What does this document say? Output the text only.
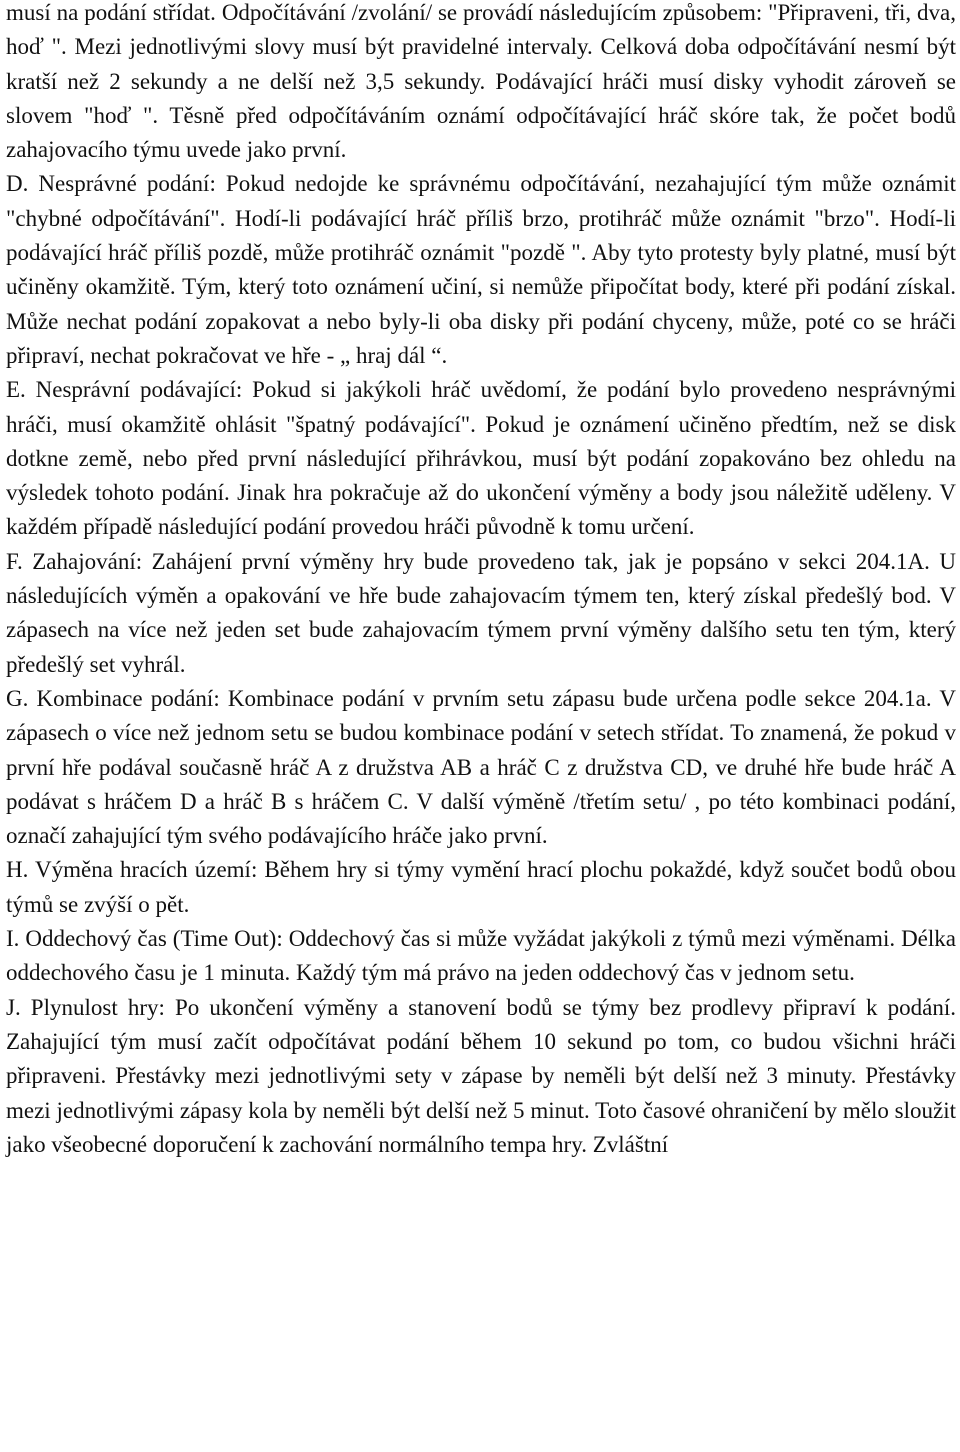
musí na podání střídat. Odpočítávání /zvolání/ se provádí následujícím způsobem: "Připraveni, tři, dva, hoď ". Mezi jednotlivými slovy musí být pravidelné intervaly. Celková doba odpočítávání nesmí být kratší než 2 sekundy a ne delší než 3,5 sekundy. Podávající hráči musí disky vyhodit zároveň se slovem "hoď ". Těsně před odpočítáváním oznámí odpočítávající hráč skóre tak, že počet bodů zahajovacího týmu uvede jako první.

D. Nesprávné podání: Pokud nedojde ke správnému odpočítávání, nezahajující tým může oznámit "chybné odpočítávání". Hodí-li podávající hráč příliš brzo, protihráč může oznámit "brzo". Hodí-li podávající hráč příliš pozdě, může protihráč oznámit "pozdě ". Aby tyto protesty byly platné, musí být učiněny okamžitě. Tým, který toto oznámení učiní, si nemůže připočítat body, které při podání získal. Může nechat podání zopakovat a nebo byly-li oba disky při podání chyceny, může, poté co se hráči připraví, nechat pokračovat ve hře - „ hraj dál “.

E. Nesprávní podávající: Pokud si jakýkoli hráč uvědomí, že podání bylo provedeno nesprávnými hráči, musí okamžitě ohlásit "špatný podávající". Pokud je oznámení učiněno předtím, než se disk dotkne země, nebo před první následující přihrávkou, musí být podání zopakováno bez ohledu na výsledek tohoto podání. Jinak hra pokračuje až do ukončení výměny a body jsou náležitě uděleny. V každém případě následující podání provedou hráči původně k tomu určení.

F. Zahajování: Zahájení první výměny hry bude provedeno tak, jak je popsáno v sekci 204.1A. U následujících výměn a opakování ve hře bude zahajovacím týmem ten, který získal předešlý bod. V zápasech na více než jeden set bude zahajovacím týmem první výměny dalšího setu ten tým, který předešlý set vyhrál.

G. Kombinace podání: Kombinace podání v prvním setu zápasu bude určena podle sekce 204.1a. V zápasech o více než jednom setu se budou kombinace podání v setech střídat. To znamená, že pokud v první hře podával současně hráč A z družstva AB a hráč C z družstva CD, ve druhé hře bude hráč A podávat s hráčem D a hráč B s hráčem C. V další výměně /třetím setu/ , po této kombinaci podání, označí zahajující tým svého podávajícího hráče jako první.

H. Výměna hracích území: Během hry si týmy vymění hrací plochu pokaždé, když součet bodů obou týmů se zvýší o pět.

I. Oddechový čas (Time Out): Oddechový čas si může vyžádat jakýkoli z týmů mezi výměnami. Délka oddechového času je 1 minuta. Každý tým má právo na jeden oddechový čas v jednom setu.

J. Plynulost hry: Po ukončení výměny a stanovení bodů se týmy bez prodlevy připraví k podání. Zahajující tým musí začít odpočítávat podání během 10 sekund po tom, co budou všichni hráči připraveni. Přestávky mezi jednotlivými sety v zápase by neměli být delší než 3 minuty. Přestávky mezi jednotlivými zápasy kola by neměli být delší než 5 minut. Toto časové ohraničení by mělo sloužit jako všeobecné doporučení k zachování normálního tempa hry. Zvláštní
